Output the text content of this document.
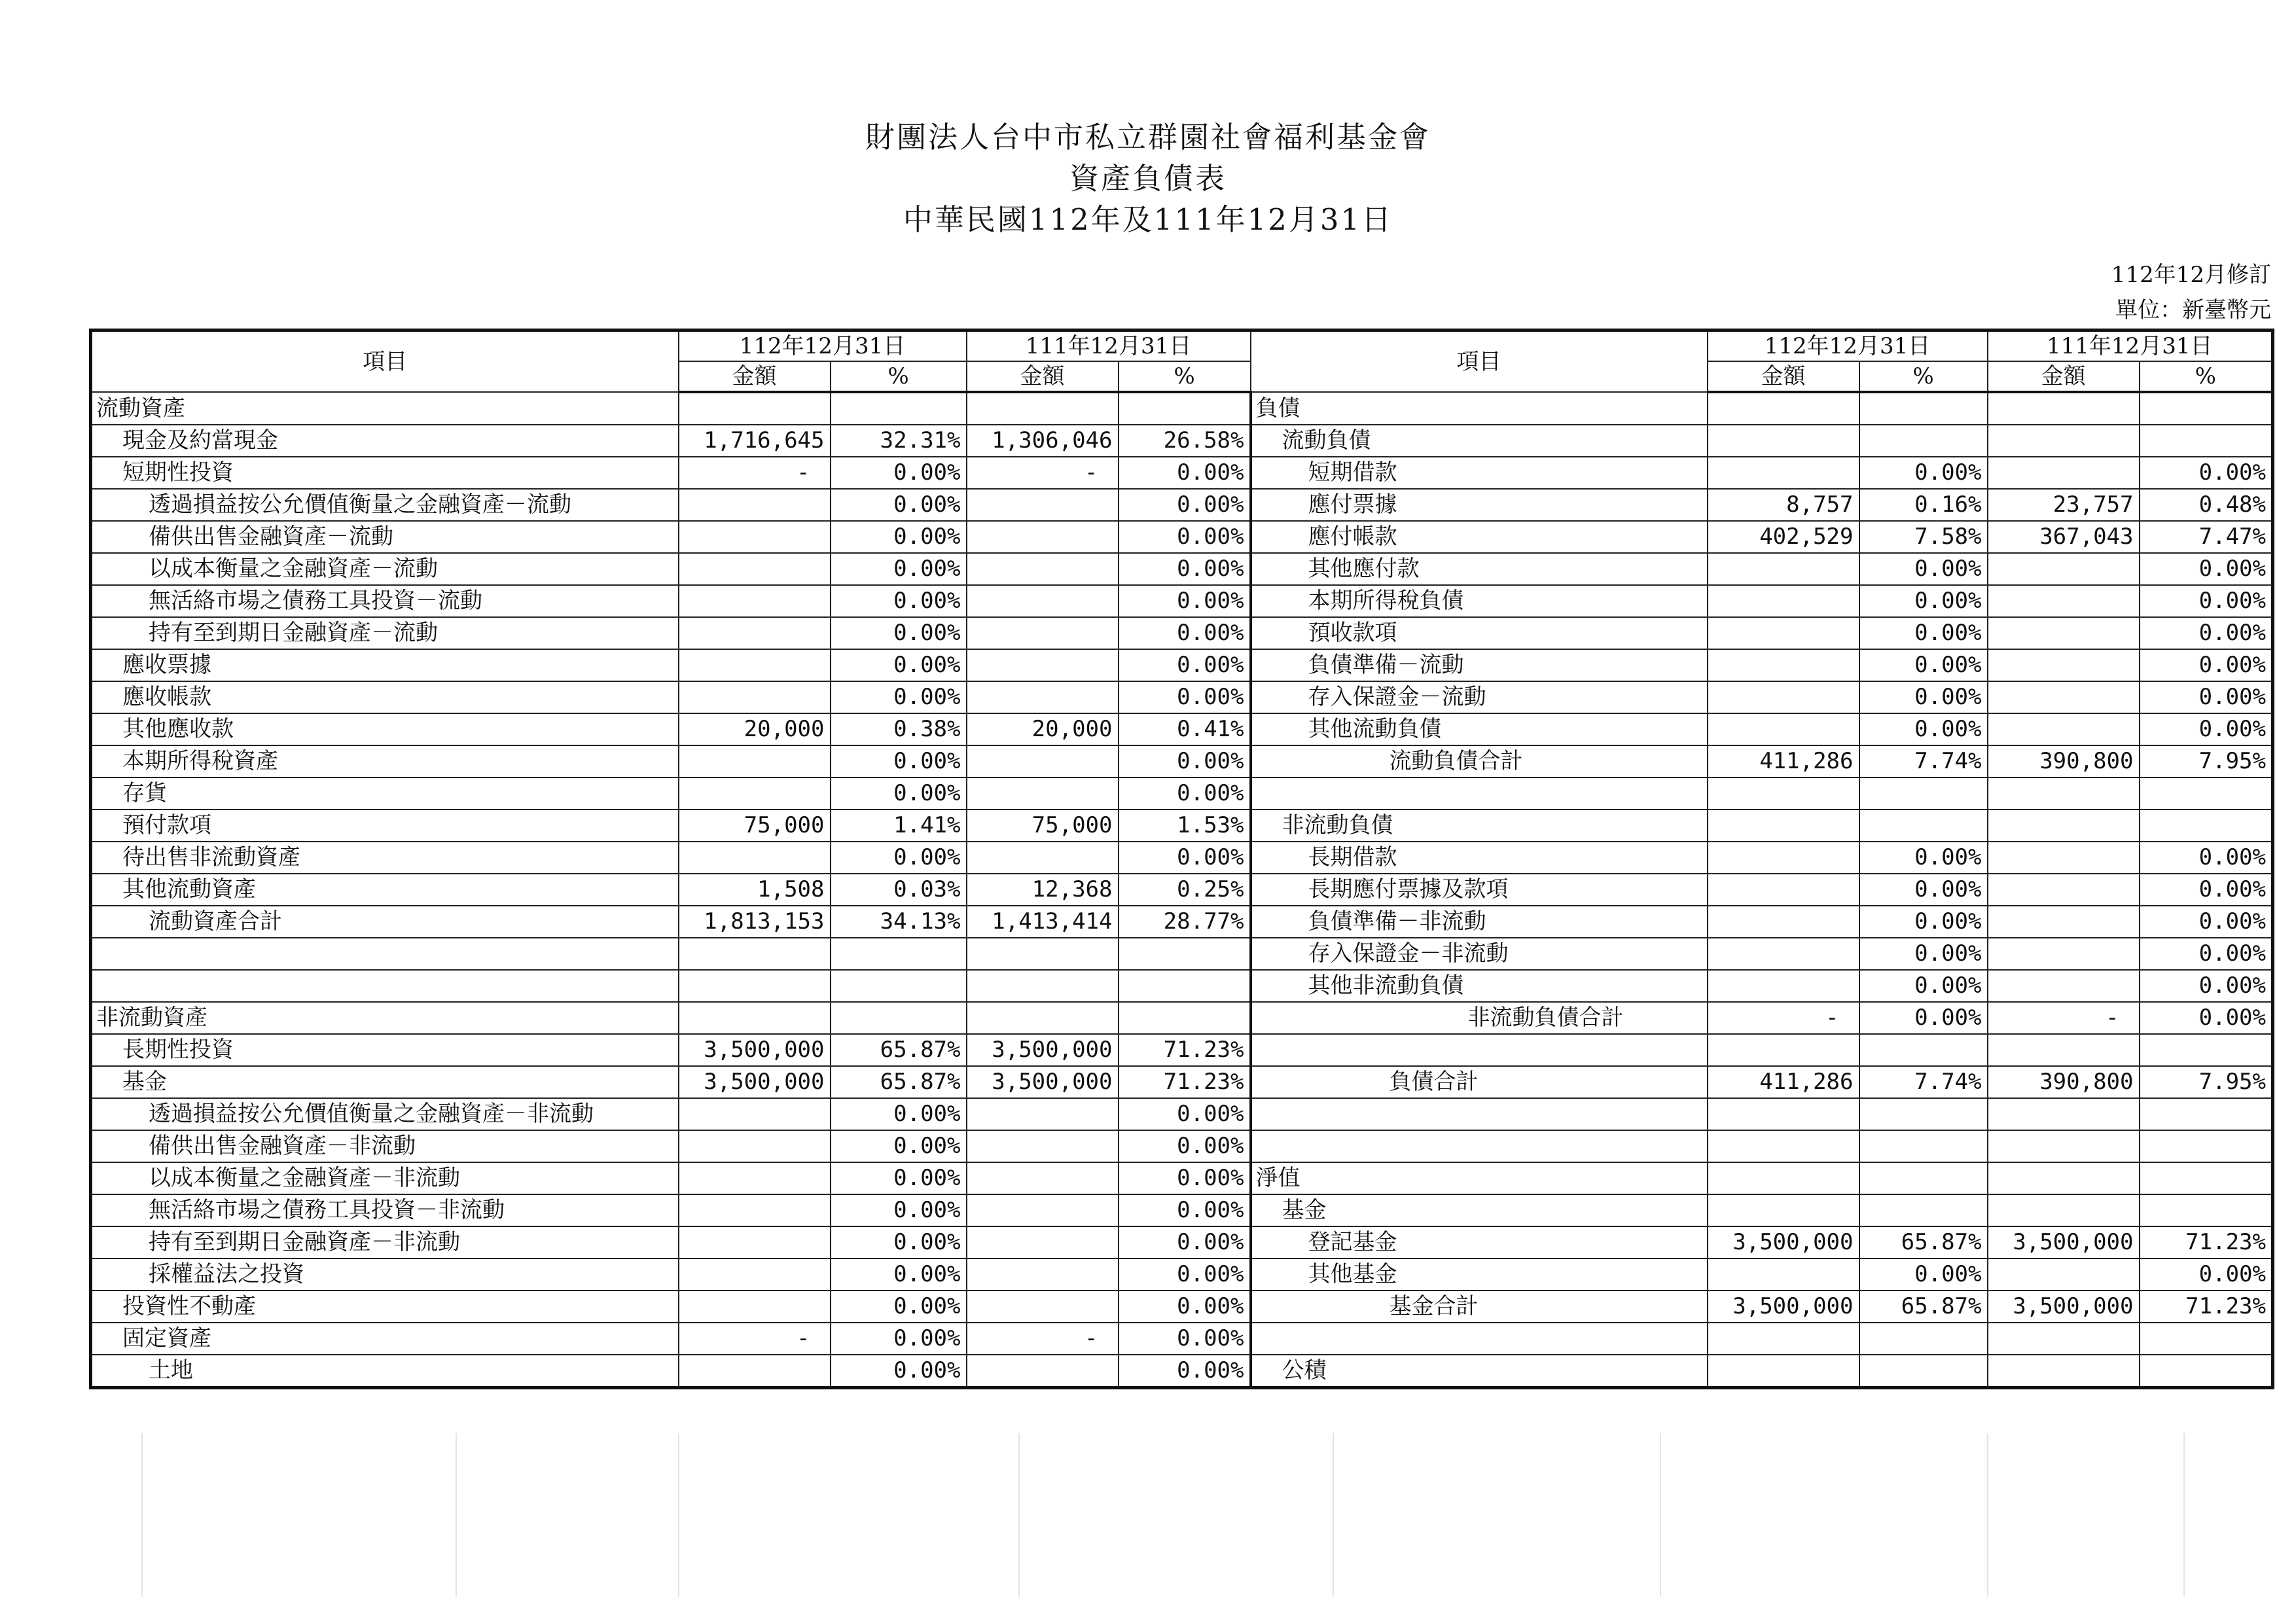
財團法人台中市私立群園社會福利基金會
資產負債表
中華民國112年及111年12月31日
112年12月修訂
單位：新臺幣元
項目	112年12月31日		111年12月31日		項目	112年12月31日		111年12月31日	
	金額	%	金額	%		金額	%	金額	%
流動資產					負債				
現金及約當現金	1,716,645	32.31%	1,306,046	26.58%	流動負債				
短期性投資	-	0.00%	-	0.00%	短期借款		0.00%		0.00%
透過損益按公允價值衡量之金融資產－流動		0.00%		0.00%	應付票據	8,757	0.16%	23,757	0.48%
備供出售金融資產－流動		0.00%		0.00%	應付帳款	402,529	7.58%	367,043	7.47%
以成本衡量之金融資產－流動		0.00%		0.00%	其他應付款		0.00%		0.00%
無活絡市場之債務工具投資－流動		0.00%		0.00%	本期所得稅負債		0.00%		0.00%
持有至到期日金融資產－流動		0.00%		0.00%	預收款項		0.00%		0.00%
應收票據		0.00%		0.00%	負債準備－流動		0.00%		0.00%
應收帳款		0.00%		0.00%	存入保證金－流動		0.00%		0.00%
其他應收款	20,000	0.38%	20,000	0.41%	其他流動負債		0.00%		0.00%
本期所得稅資產		0.00%		0.00%	流動負債合計	411,286	7.74%	390,800	7.95%
存貨		0.00%		0.00%					
預付款項	75,000	1.41%	75,000	1.53%	非流動負債				
待出售非流動資產		0.00%		0.00%	長期借款		0.00%		0.00%
其他流動資產	1,508	0.03%	12,368	0.25%	長期應付票據及款項		0.00%		0.00%
流動資產合計	1,813,153	34.13%	1,413,414	28.77%	負債準備－非流動		0.00%		0.00%
					存入保證金－非流動		0.00%		0.00%
					其他非流動負債		0.00%		0.00%
非流動資產					非流動負債合計	-	0.00%	-	0.00%
長期性投資	3,500,000	65.87%	3,500,000	71.23%					
基金	3,500,000	65.87%	3,500,000	71.23%	負債合計	411,286	7.74%	390,800	7.95%
透過損益按公允價值衡量之金融資產－非流動		0.00%		0.00%					
備供出售金融資產－非流動		0.00%		0.00%					
以成本衡量之金融資產－非流動		0.00%		0.00%	淨值				
無活絡市場之債務工具投資－非流動		0.00%		0.00%	基金				
持有至到期日金融資產－非流動		0.00%		0.00%	登記基金	3,500,000	65.87%	3,500,000	71.23%
採權益法之投資		0.00%		0.00%	其他基金		0.00%		0.00%
投資性不動產		0.00%		0.00%	基金合計	3,500,000	65.87%	3,500,000	71.23%
固定資產	-	0.00%	-	0.00%					
土地		0.00%		0.00%	公積				
